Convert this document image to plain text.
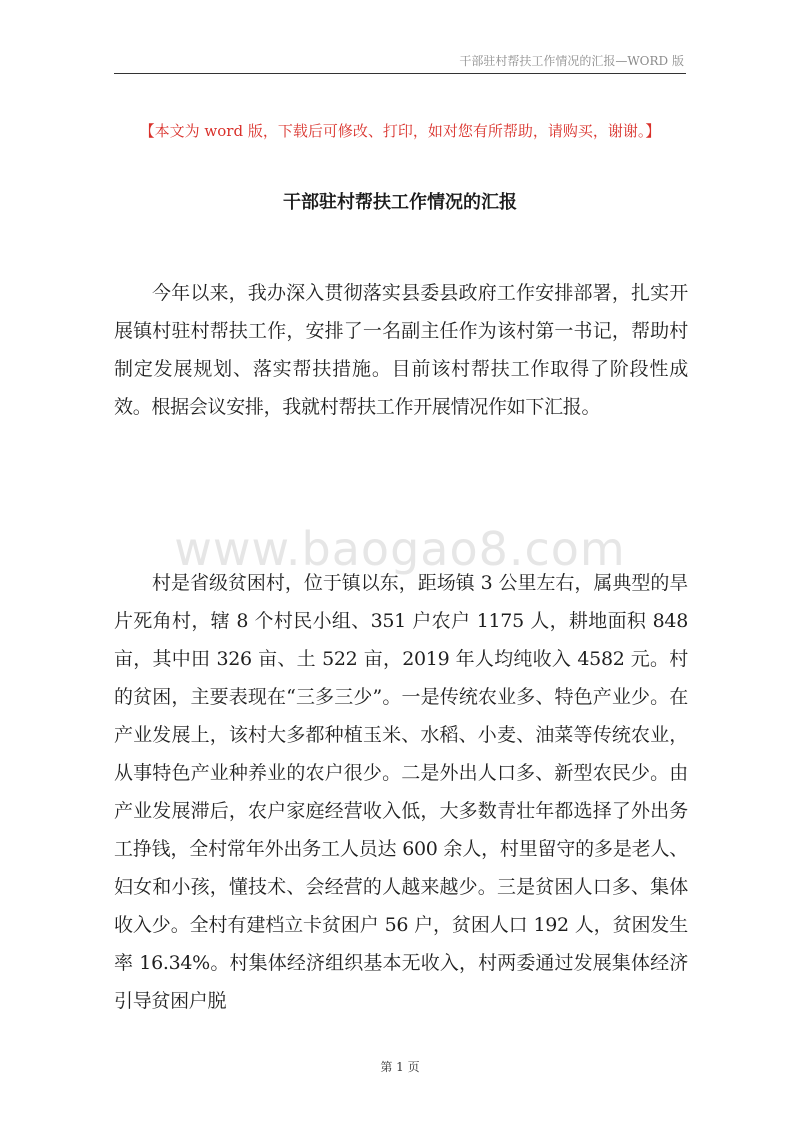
干部驻村帮扶工作情况的汇报—WORD 版
【本文为 word 版，下载后可修改、打印，如对您有所帮助，请购买，谢谢。】
干部驻村帮扶工作情况的汇报

今年以来，我办深入贯彻落实县委县政府工作安排部署，扎实开展镇村驻村帮扶工作，安排了一名副主任作为该村第一书记，帮助村制定发展规划、落实帮扶措施。目前该村帮扶工作取得了阶段性成效。根据会议安排，我就村帮扶工作开展情况作如下汇报。

www.baogao8.com

村是省级贫困村，位于镇以东，距场镇 3 公里左右，属典型的旱片死角村，辖 8 个村民小组、351 户农户 1175 人，耕地面积 848 亩，其中田 326 亩、土 522 亩，2019 年人均纯收入 4582 元。村的贫困，主要表现在“三多三少”。一是传统农业多、特色产业少。在产业发展上，该村大多都种植玉米、水稻、小麦、油菜等传统农业，从事特色产业种养业的农户很少。二是外出人口多、新型农民少。由产业发展滞后，农户家庭经营收入低，大多数青壮年都选择了外出务工挣钱，全村常年外出务工人员达 600 余人，村里留守的多是老人、妇女和小孩，懂技术、会经营的人越来越少。三是贫困人口多、集体收入少。全村有建档立卡贫困户 56 户，贫困人口 192 人，贫困发生率 16.34%。村集体经济组织基本无收入，村两委通过发展集体经济引导贫困户脱

第 1 页
